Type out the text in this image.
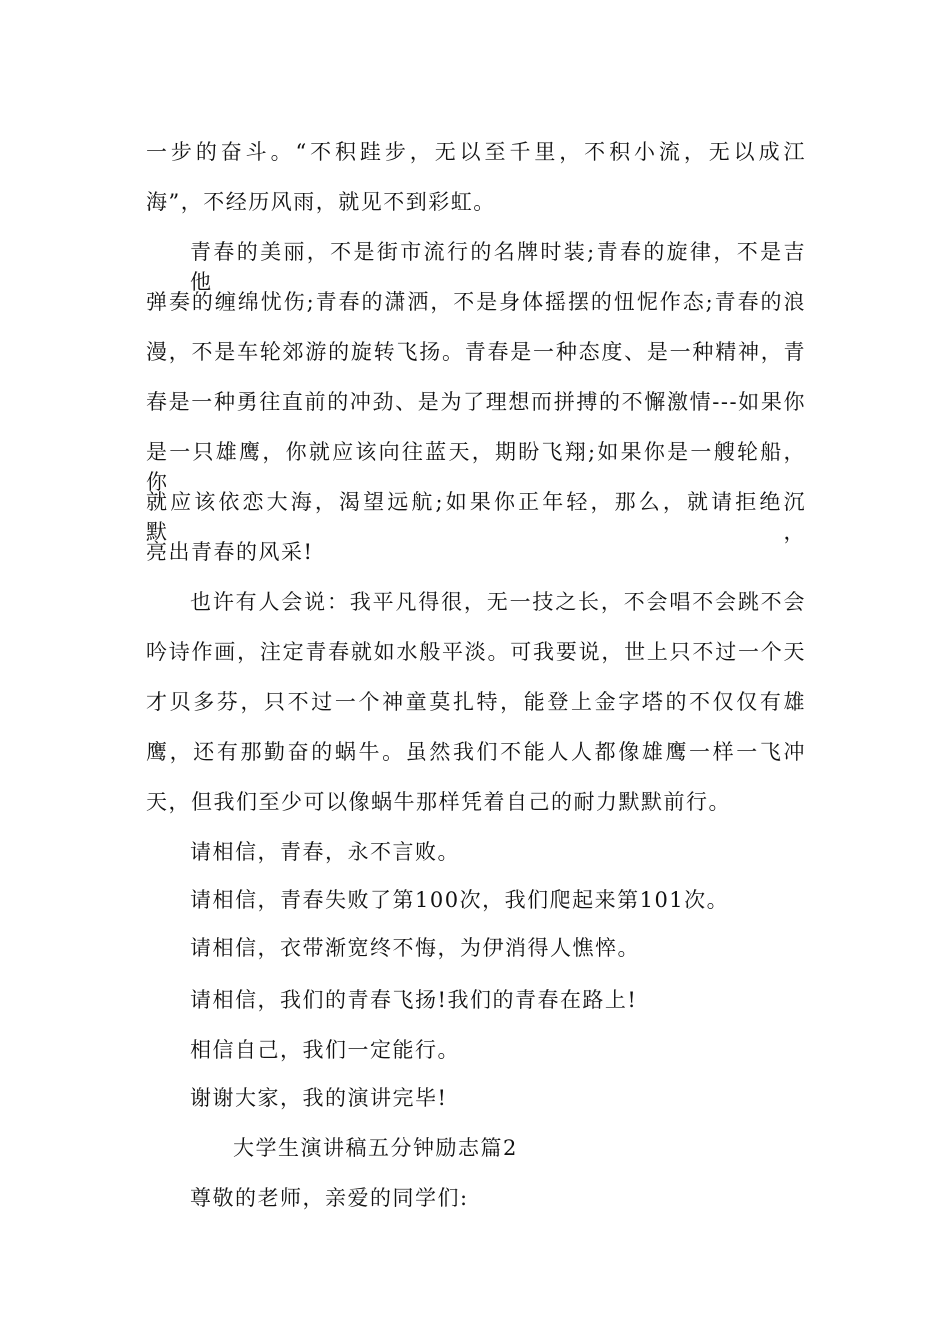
一步的奋斗。“不积跬步，无以至千里，不积小流，无以成江
海”，不经历风雨，就见不到彩虹。
青春的美丽，不是街市流行的名牌时装;青春的旋律，不是吉他
弹奏的缠绵忧伤;青春的潇洒，不是身体摇摆的忸怩作态;青春的浪
漫，不是车轮郊游的旋转飞扬。青春是一种态度、是一种精神，青
春是一种勇往直前的冲劲、是为了理想而拼搏的不懈激情---如果你
是一只雄鹰，你就应该向往蓝天，期盼飞翔;如果你是一艘轮船，你
就应该依恋大海，渴望远航;如果你正年轻，那么，就请拒绝沉默，
亮出青春的风采!
也许有人会说：我平凡得很，无一技之长，不会唱不会跳不会
吟诗作画，注定青春就如水般平淡。可我要说，世上只不过一个天
才贝多芬，只不过一个神童莫扎特，能登上金字塔的不仅仅有雄
鹰，还有那勤奋的蜗牛。虽然我们不能人人都像雄鹰一样一飞冲
天，但我们至少可以像蜗牛那样凭着自己的耐力默默前行。
请相信，青春，永不言败。
请相信，青春失败了第100次，我们爬起来第101次。
请相信，衣带渐宽终不悔，为伊消得人憔悴。
请相信，我们的青春飞扬!我们的青春在路上!
相信自己，我们一定能行。
谢谢大家，我的演讲完毕!
大学生演讲稿五分钟励志篇2
尊敬的老师，亲爱的同学们:
